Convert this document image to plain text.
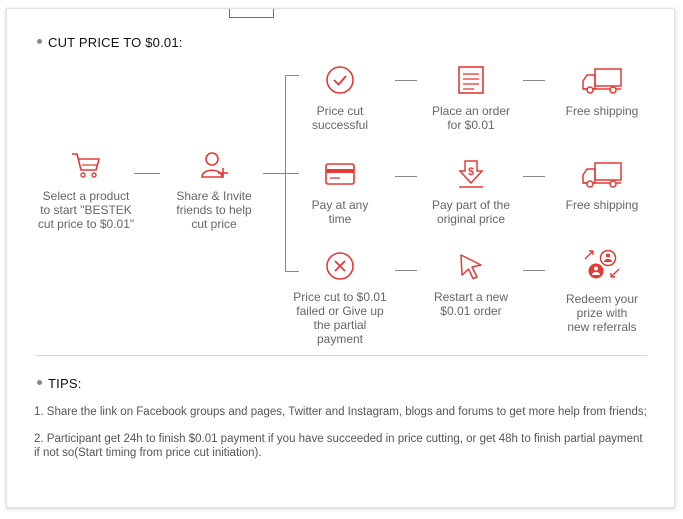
CUT PRICE TO $0.01:
Select a product
to start "BESTEK
cut price to $0.01"
Share & Invite
friends to help
cut price
Price cut
successful
Place an order
for $0.01
Free shipping
Pay at any
time
$
Pay part of the
original price
Free shipping
Price cut to $0.01
failed or Give up
the partial payment
Restart a new
$0.01 order
Redeem your
prize with
new referrals
TIPS:
1. Share the link on Facebook groups and pages, Twitter and Instagram, blogs and forums to get more help from friends;
2. Participant get 24h to finish $0.01 payment if you have succeeded in price cutting, or get 48h to finish partial payment
if not so(Start timing from price cut initiation).
